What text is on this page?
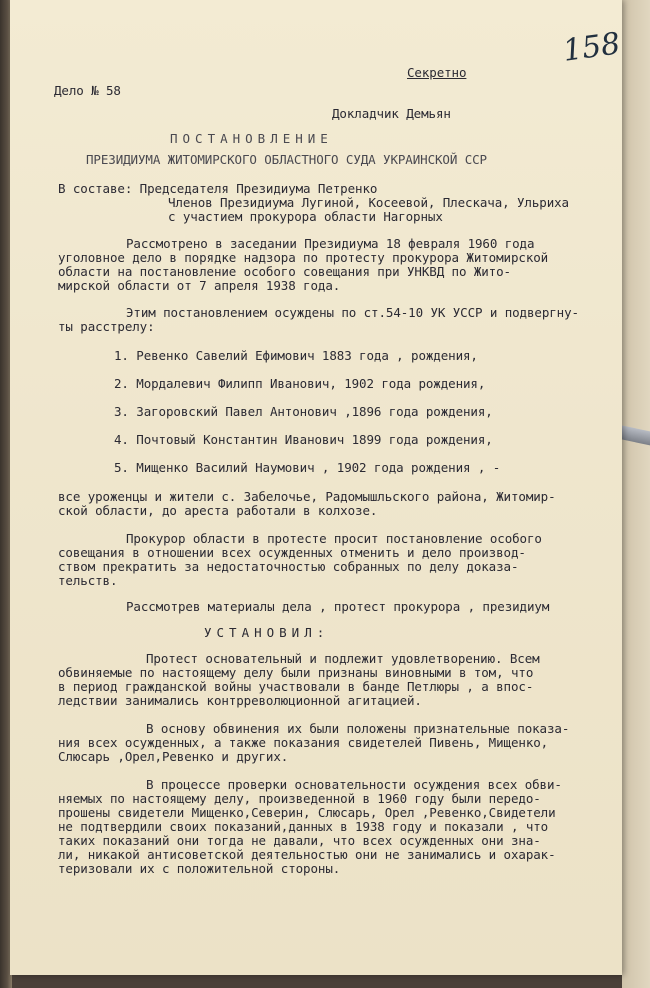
158
Секретно
Дело № 58
Докладчик Демьян
ПОСТАНОВЛЕНИЕ
ПРЕЗИДИУМА ЖИТОМИРСКОГО ОБЛАСТНОГО СУДА УКРАИНСКОЙ ССР
В составе: Председателя Президиума Петренко
Членов Президиума Лугиной, Косеевой, Плескача, Ульриха
с участием прокурора области Нагорных
Рассмотрено в заседании Президиума 18 февраля 1960 года
уголовное дело в порядке надзора по протесту прокурора Житомирской
области на постановление особого совещания при УНКВД по Жито-
мирской области от 7 апреля 1938 года.
Этим постановлением осуждены по ст.54-10 УК УССР и подвергну-
ты расстрелу:
1. Ревенко Савелий Ефимович 1883 года , рождения,
2. Мордалевич Филипп Иванович, 1902 года рождения,
3. Загоровский Павел Антонович ,1896 года рождения,
4. Почтовый Константин Иванович 1899 года рождения,
5. Мищенко Василий Наумович , 1902 года рождения , -
все уроженцы и жители с. Забелочье, Радомышльского района, Житомир-
ской области, до ареста работали в колхозе.
Прокурор области в протесте просит постановление особого
совещания в отношении всех осужденных отменить и дело производ-
ством прекратить за недостаточностью собранных по делу доказа-
тельств.
Рассмотрев материалы дела , протест прокурора , президиум
УСТАНОВИЛ:
Протест основательный и подлежит удовлетворению. Всем
обвиняемые по настоящему делу были признаны виновными в том, что
в период гражданской войны участвовали в банде Петлюры , а впос-
ледствии занимались контрреволюционной агитацией.
В основу обвинения их были положены признательные показа-
ния всех осужденных, а также показания свидетелей Пивень, Мищенко,
Слюсарь ,Орел,Ревенко и других.
В процессе проверки основательности осуждения всех обви-
няемых по настоящему делу, произведенной в 1960 году были передо-
прошены свидетели Мищенко,Северин, Слюсарь, Орел ,Ревенко,Свидетели
не подтвердили своих показаний,данных в 1938 году и показали , что
таких показаний они тогда не давали, что всех осужденных они зна-
ли, никакой антисоветской деятельностью они не занимались и охарак-
теризовали их с положительной стороны.
